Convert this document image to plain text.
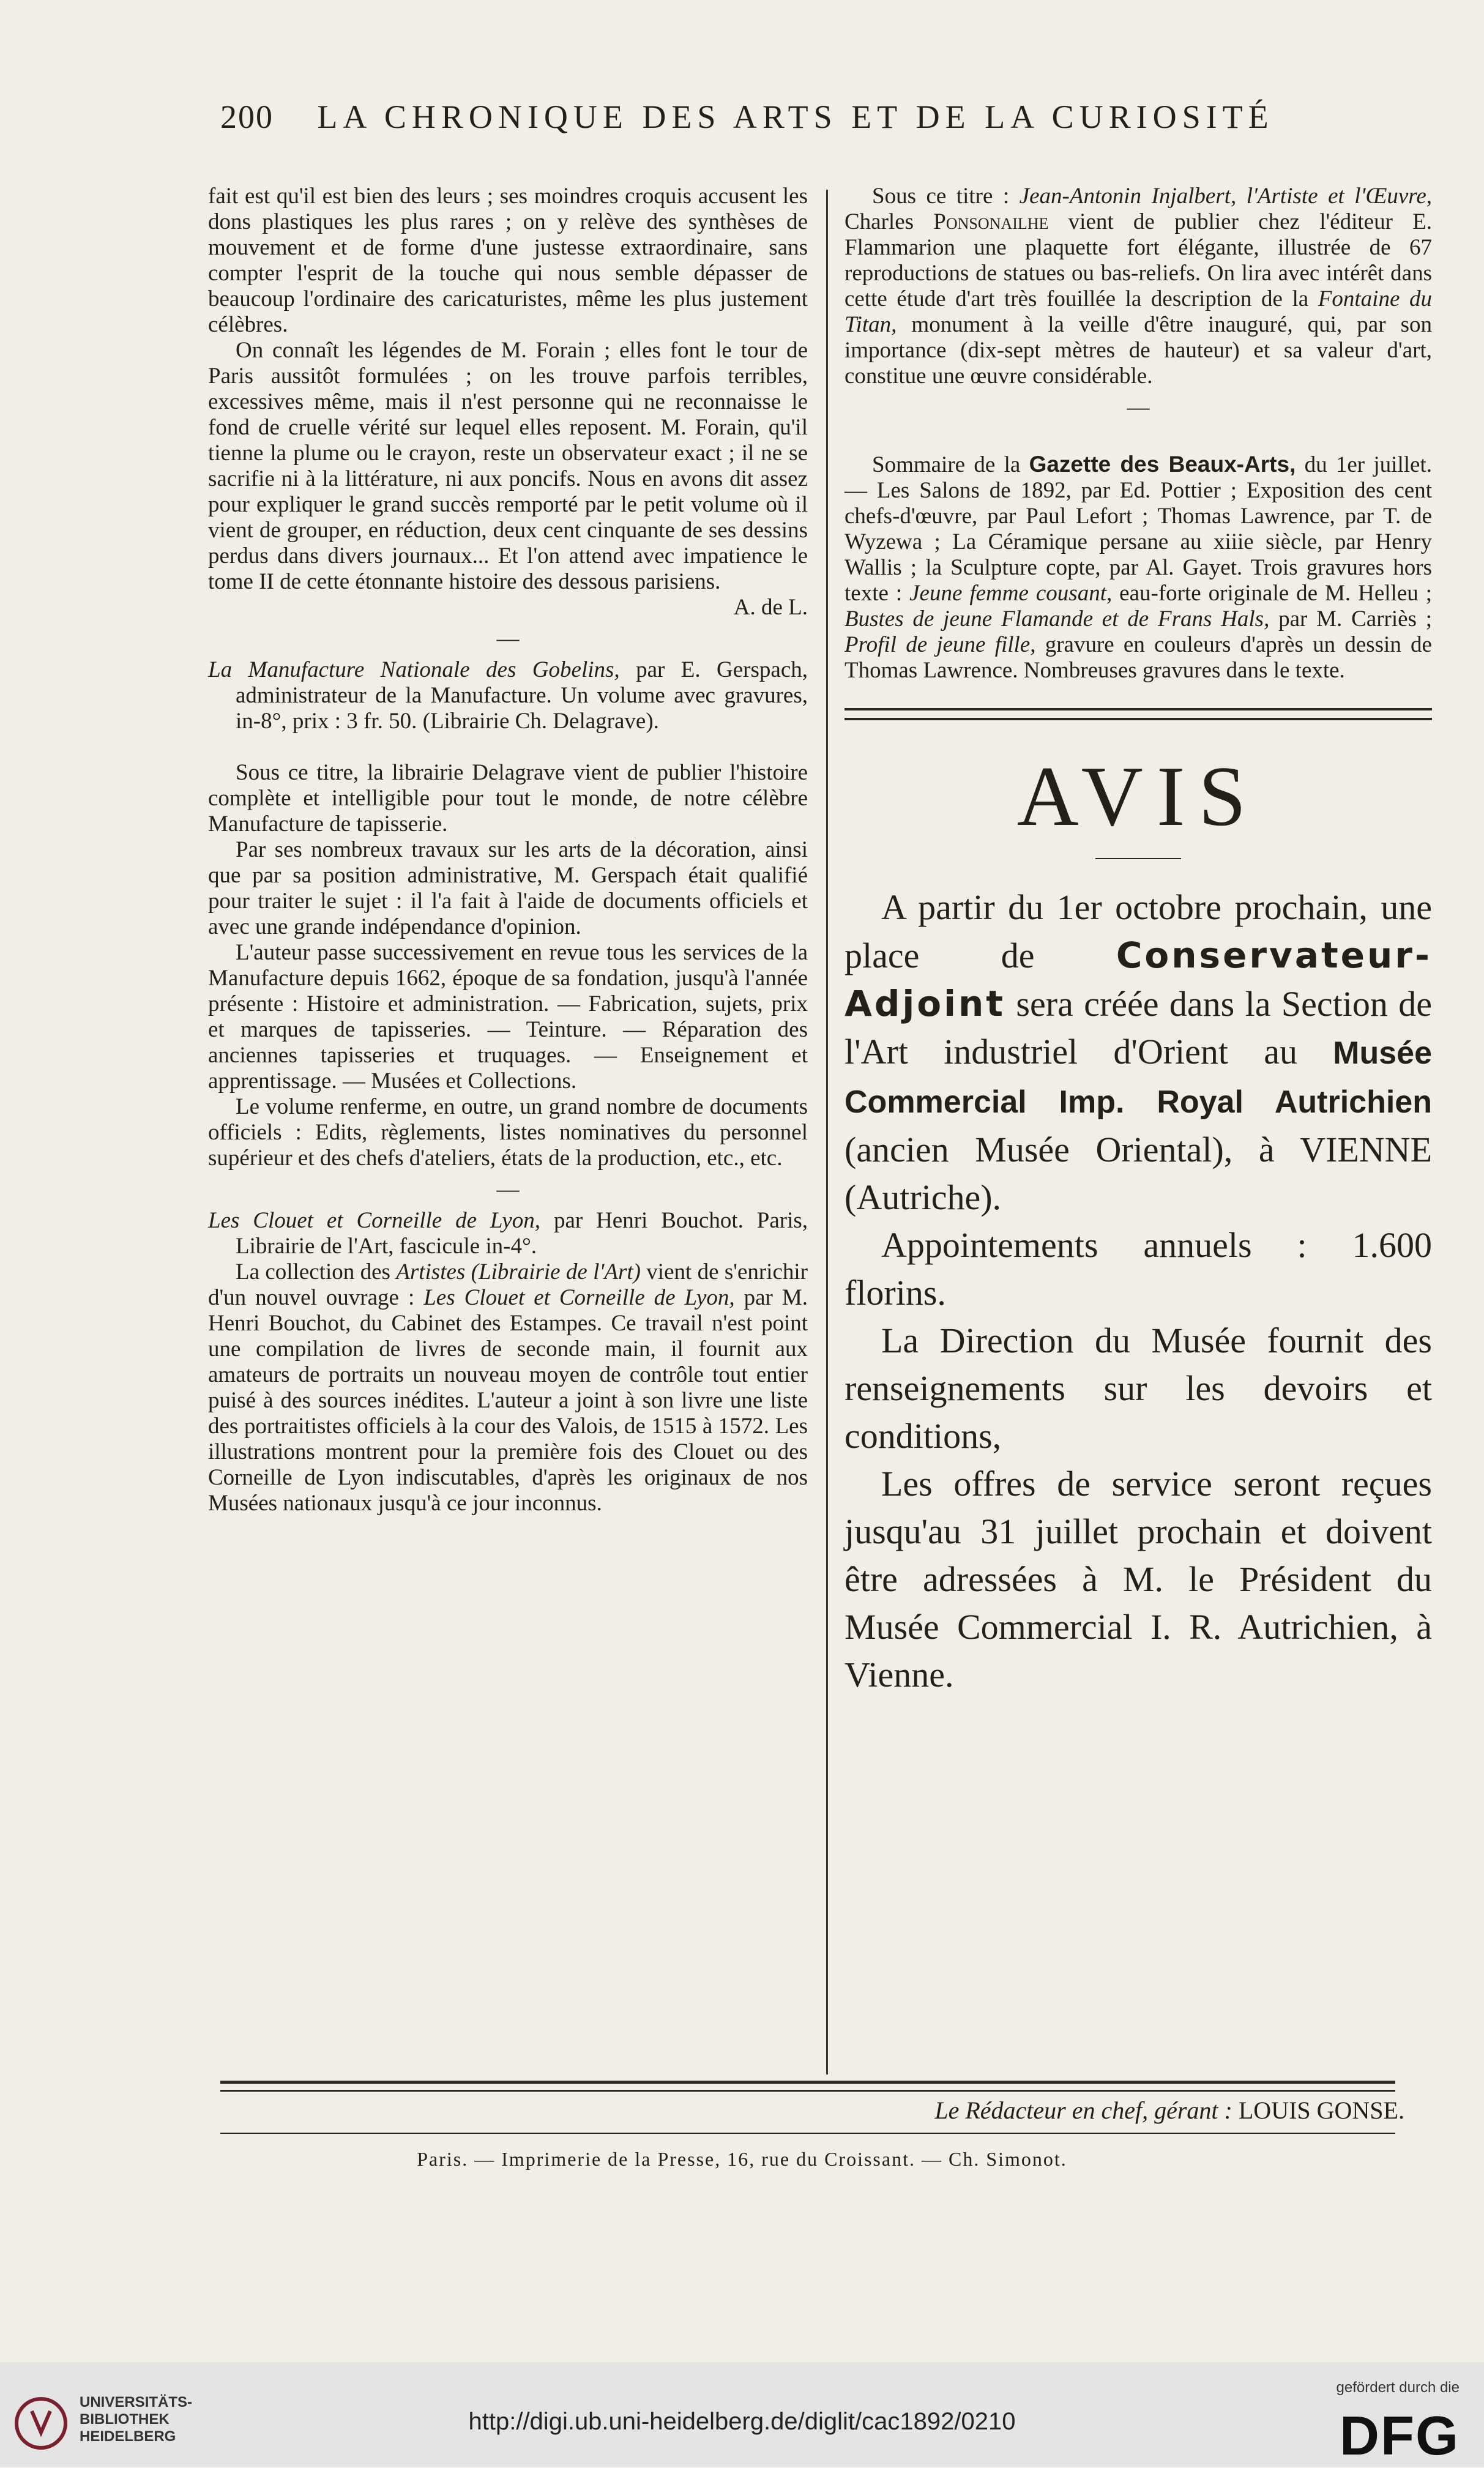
200 LA CHRONIQUE DES ARTS ET DE LA CURIOSITÉ

fait est qu'il est bien des leurs ; ses moindres croquis accusent les dons plastiques les plus rares ; on y relève des synthèses de mouvement et de forme d'une justesse extraordinaire, sans compter l'esprit de la touche qui nous semble dépasser de beaucoup l'ordinaire des caricaturistes, même les plus justement célèbres.

On connaît les légendes de M. Forain ; elles font le tour de Paris aussitôt formulées ; on les trouve parfois terribles, excessives même, mais il n'est personne qui ne reconnaisse le fond de cruelle vérité sur lequel elles reposent. M. Forain, qu'il tienne la plume ou le crayon, reste un observateur exact ; il ne se sacrifie ni à la littérature, ni aux poncifs. Nous en avons dit assez pour expliquer le grand succès remporté par le petit volume où il vient de grouper, en réduction, deux cent cinquante de ses dessins perdus dans divers journaux... Et l'on attend avec impatience le tome II de cette étonnante histoire des dessous parisiens.

A. de L.

—

La Manufacture Nationale des Gobelins, par E. Gerspach, administrateur de la Manufacture. Un volume avec gravures, in-8°, prix : 3 fr. 50. (Librairie Ch. Delagrave).

Sous ce titre, la librairie Delagrave vient de publier l'histoire complète et intelligible pour tout le monde, de notre célèbre Manufacture de tapisserie.

Par ses nombreux travaux sur les arts de la décoration, ainsi que par sa position administrative, M. Gerspach était qualifié pour traiter le sujet : il l'a fait à l'aide de documents officiels et avec une grande indépendance d'opinion.

L'auteur passe successivement en revue tous les services de la Manufacture depuis 1662, époque de sa fondation, jusqu'à l'année présente : Histoire et administration. — Fabrication, sujets, prix et marques de tapisseries. — Teinture. — Réparation des anciennes tapisseries et truquages. — Enseignement et apprentissage. — Musées et Collections.

Le volume renferme, en outre, un grand nombre de documents officiels : Edits, règlements, listes nominatives du personnel supérieur et des chefs d'ateliers, états de la production, etc., etc.

—

Les Clouet et Corneille de Lyon, par Henri Bouchot. Paris, Librairie de l'Art, fascicule in-4°.

La collection des Artistes (Librairie de l'Art) vient de s'enrichir d'un nouvel ouvrage : Les Clouet et Corneille de Lyon, par M. Henri Bouchot, du Cabinet des Estampes. Ce travail n'est point une compilation de livres de seconde main, il fournit aux amateurs de portraits un nouveau moyen de contrôle tout entier puisé à des sources inédites. L'auteur a joint à son livre une liste des portraitistes officiels à la cour des Valois, de 1515 à 1572. Les illustrations montrent pour la première fois des Clouet ou des Corneille de Lyon indiscutables, d'après les originaux de nos Musées nationaux jusqu'à ce jour inconnus.

Sous ce titre : Jean-Antonin Injalbert, l'Artiste et l'Œuvre, Charles Ponsonailhe vient de publier chez l'éditeur E. Flammarion une plaquette fort élégante, illustrée de 67 reproductions de statues ou bas-reliefs. On lira avec intérêt dans cette étude d'art très fouillée la description de la Fontaine du Titan, monument à la veille d'être inauguré, qui, par son importance (dix-sept mètres de hauteur) et sa valeur d'art, constitue une œuvre considérable.

—

Sommaire de la Gazette des Beaux-Arts, du 1er juillet. — Les Salons de 1892, par Ed. Pottier ; Exposition des cent chefs-d'œuvre, par Paul Lefort ; Thomas Lawrence, par T. de Wyzewa ; La Céramique persane au xiiie siècle, par Henry Wallis ; la Sculpture copte, par Al. Gayet. Trois gravures hors texte : Jeune femme cousant, eau-forte originale de M. Helleu ; Bustes de jeune Flamande et de Frans Hals, par M. Carriès ; Profil de jeune fille, gravure en couleurs d'après un dessin de Thomas Lawrence. Nombreuses gravures dans le texte.

AVIS

A partir du 1er octobre prochain, une place de Conservateur-Adjoint sera créée dans la Section de l'Art industriel d'Orient au Musée Commercial Imp. Royal Autrichien (ancien Musée Oriental), à VIENNE (Autriche).

Appointements annuels : 1.600 florins.

La Direction du Musée fournit des renseignements sur les devoirs et conditions,

Les offres de service seront reçues jusqu'au 31 juillet prochain et doivent être adressées à M. le Président du Musée Commercial I. R. Autrichien, à Vienne.

Le Rédacteur en chef, gérant : LOUIS GONSE.
Paris. — Imprimerie de la Presse, 16, rue du Croissant. — Ch. Simonot.
UNIVERSITÄTS-
BIBLIOTHEK
HEIDELBERG
http://digi.ub.uni-heidelberg.de/diglit/cac1892/0210
gefördert durch die
DFG
